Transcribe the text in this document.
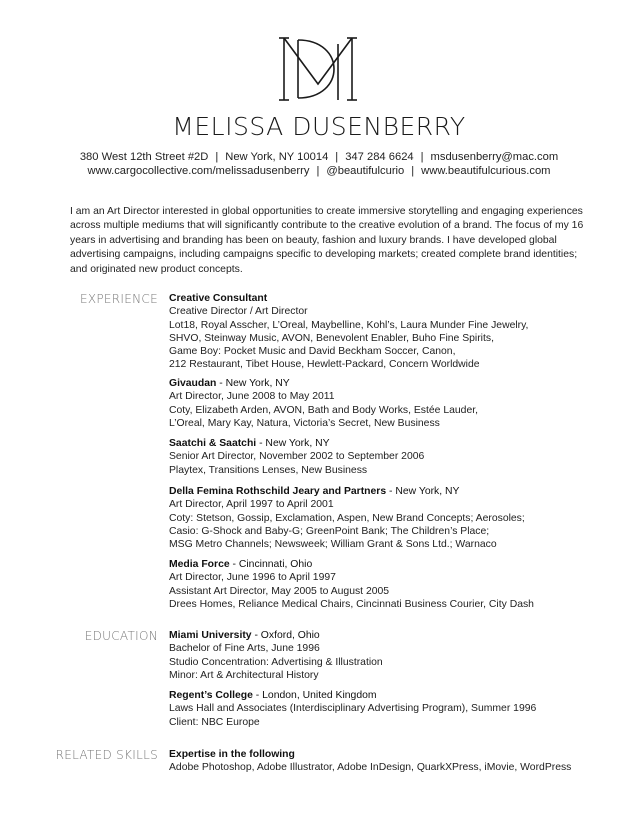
MELISSA DUSENBERRY
380 West 12th Street #2D | New York, NY 10014 | 347 284 6624 | msdusenberry@mac.com
www.cargocollective.com/melissadusenberry | @beautifulcurio | www.beautifulcurious.com
I am an Art Director interested in global opportunities to create immersive storytelling and engaging experiences across multiple mediums that will significantly contribute to the creative evolution of a brand. The focus of my 16 years in advertising and branding has been on beauty, fashion and luxury brands. I have developed global advertising campaigns, including campaigns specific to developing markets; created complete brand identities; and originated new product concepts.
EXPERIENCE Creative Consultant
Creative Director / Art Director
Lot18, Royal Asscher, L’Oreal, Maybelline, Kohl’s, Laura Munder Fine Jewelry,
SHVO, Steinway Music, AVON, Benevolent Enabler, Buho Fine Spirits,
Game Boy: Pocket Music and David Beckham Soccer, Canon,
212 Restaurant, Tibet House, Hewlett-Packard, Concern Worldwide
Givaudan - New York, NY
Art Director, June 2008 to May 2011
Coty, Elizabeth Arden, AVON, Bath and Body Works, Estée Lauder,
L’Oreal, Mary Kay, Natura, Victoria’s Secret, New Business
Saatchi & Saatchi - New York, NY
Senior Art Director, November 2002 to September 2006
Playtex, Transitions Lenses, New Business
Della Femina Rothschild Jeary and Partners - New York, NY
Art Director, April 1997 to April 2001
Coty: Stetson, Gossip, Exclamation, Aspen, New Brand Concepts; Aerosoles;
Casio: G-Shock and Baby-G; GreenPoint Bank; The Children’s Place;
MSG Metro Channels; Newsweek; William Grant & Sons Ltd.; Warnaco
Media Force - Cincinnati, Ohio
Art Director, June 1996 to April 1997
Assistant Art Director, May 2005 to August 2005
Drees Homes, Reliance Medical Chairs, Cincinnati Business Courier, City Dash
EDUCATION Miami University - Oxford, Ohio
Bachelor of Fine Arts, June 1996
Studio Concentration: Advertising & Illustration
Minor: Art & Architectural History
Regent’s College - London, United Kingdom
Laws Hall and Associates (Interdisciplinary Advertising Program), Summer 1996
Client: NBC Europe
RELATED SKILLS Expertise in the following
Adobe Photoshop, Adobe Illustrator, Adobe InDesign, QuarkXPress, iMovie, WordPress
